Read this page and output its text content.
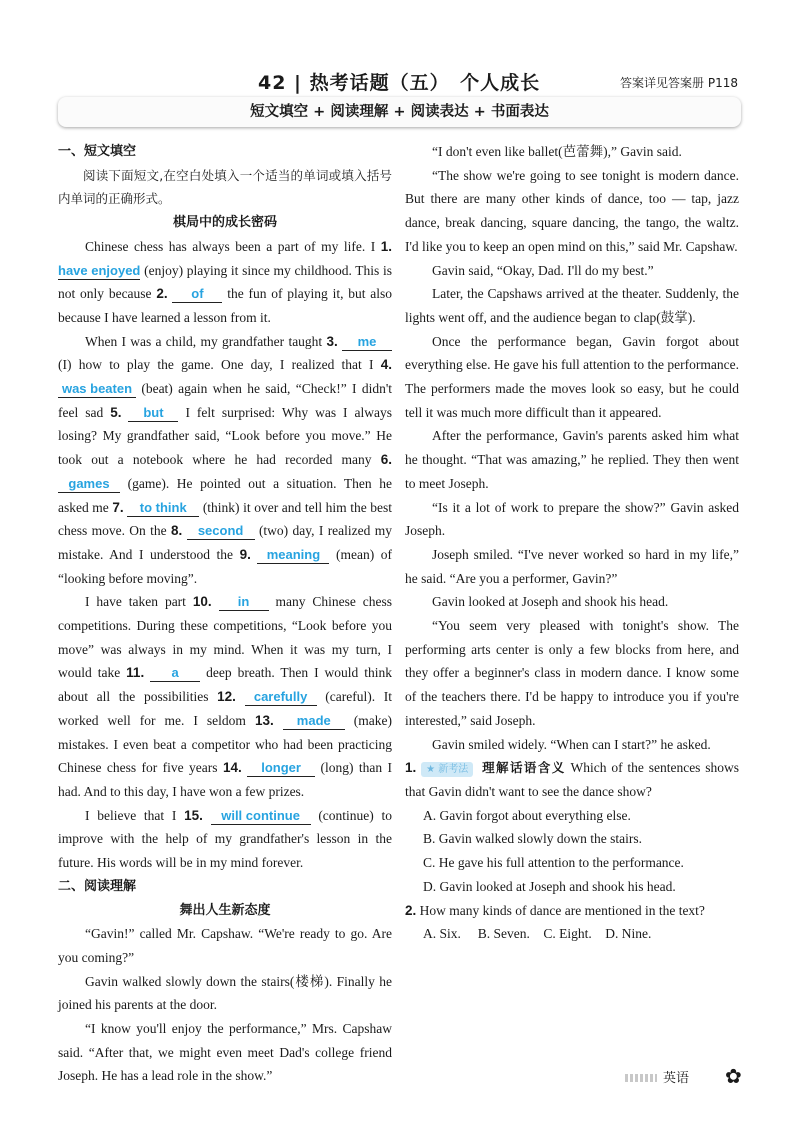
42 | 热考话题（五）　个人成长	答案详见答案册 P118
短文填空 + 阅读理解 + 阅读表达 + 书面表达

一、短文填空

阅读下面短文,在空白处填入一个适当的单词或填入括号内单词的正确形式。

棋局中的成长密码

Chinese chess has always been a part of my life. I 1. have enjoyed (enjoy) playing it since my childhood. This is not only because 2. of the fun of playing it, but also because I have learned a lesson from it.

When I was a child, my grandfather taught 3. me (I) how to play the game. One day, I realized that I 4. was beaten (beat) again when he said, “Check!” I didn't feel sad 5. but I felt surprised: Why was I always losing? My grandfather said, “Look before you move.” He took out a notebook where he had recorded many 6. games (game). He pointed out a situation. Then he asked me 7. to think (think) it over and tell him the best chess move. On the 8. second (two) day, I realized my mistake. And I understood the 9. meaning (mean) of “looking before moving”.

I have taken part 10. in many Chinese chess competitions. During these competitions, “Look before you move” was always in my mind. When it was my turn, I would take 11. a deep breath. Then I would think about all the possibilities 12. carefully (careful). It worked well for me. I seldom 13. made (make) mistakes. I even beat a competitor who had been practicing Chinese chess for five years 14. longer (long) than I had. And to this day, I have won a few prizes.

I believe that I 15. will continue (continue) to improve with the help of my grandfather's lesson in the future. His words will be in my mind forever.

二、阅读理解

舞出人生新态度

“Gavin!” called Mr. Capshaw. “We're ready to go. Are you coming?”

Gavin walked slowly down the stairs(楼梯). Finally he joined his parents at the door.

“I know you'll enjoy the performance,” Mrs. Capshaw said. “After that, we might even meet Dad's college friend Joseph. He has a lead role in the show.”

“I don't even like ballet(芭蕾舞),” Gavin said.

“The show we're going to see tonight is modern dance. But there are many other kinds of dance, too — tap, jazz dance, break dancing, square dancing, the tango, the waltz. I'd like you to keep an open mind on this,” said Mr. Capshaw.

Gavin said, “Okay, Dad. I'll do my best.”

Later, the Capshaws arrived at the theater. Suddenly, the lights went off, and the audience began to clap(鼓掌).

Once the performance began, Gavin forgot about everything else. He gave his full attention to the performance. The performers made the moves look so easy, but he could tell it was much more difficult than it appeared.

After the performance, Gavin's parents asked him what he thought. “That was amazing,” he replied. They then went to meet Joseph.

“Is it a lot of work to prepare the show?” Gavin asked Joseph.

Joseph smiled. “I've never worked so hard in my life,” he said. “Are you a performer, Gavin?”

Gavin looked at Joseph and shook his head.

“You seem very pleased with tonight's show. The performing arts center is only a few blocks from here, and they offer a beginner's class in modern dance. I know some of the teachers there. I'd be happy to introduce you if you're interested,” said Joseph.

Gavin smiled widely. “When can I start?” he asked.

1. ★ 新考法 理解话语含义 Which of the sentences shows that Gavin didn't want to see the dance show?

A. Gavin forgot about everything else.

B. Gavin walked slowly down the stairs.

C. He gave his full attention to the performance.

D. Gavin looked at Joseph and shook his head.

2. How many kinds of dance are mentioned in the text?

A. Six. B. Seven. C. Eight. D. Nine.

英语 ✿
